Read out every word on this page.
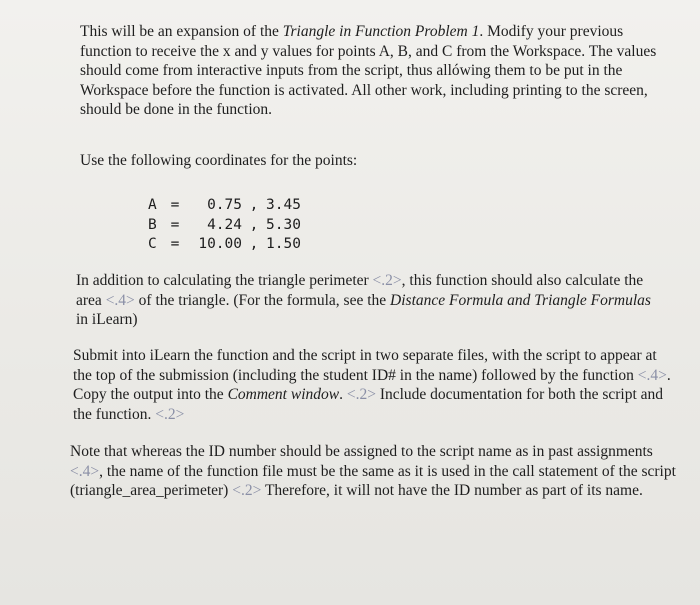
This will be an expansion of the Triangle in Function Problem 1. Modify your previous function to receive the x and y values for points A, B, and C from the Workspace. The values should come from interactive inputs from the script, thus allówing them to be put in the Workspace before the function is activated. All other work, including printing to the screen, should be done in the function.

Use the following coordinates for the points:

A =	0.75 , 3.45
B =	4.24 , 5.30
C =	10.00 , 1.50

In addition to calculating the triangle perimeter <.2>, this function should also calculate the area <.4> of the triangle. (For the formula, see the Distance Formula and Triangle Formulas in iLearn)

Submit into iLearn the function and the script in two separate files, with the script to appear at the top of the submission (including the student ID# in the name) followed by the function <.4>. Copy the output into the Comment window. <.2> Include documentation for both the script and the function. <.2>

Note that whereas the ID number should be assigned to the script name as in past assignments <.4>, the name of the function file must be the same as it is used in the call statement of the script (triangle_area_perimeter) <.2> Therefore, it will not have the ID number as part of its name.
